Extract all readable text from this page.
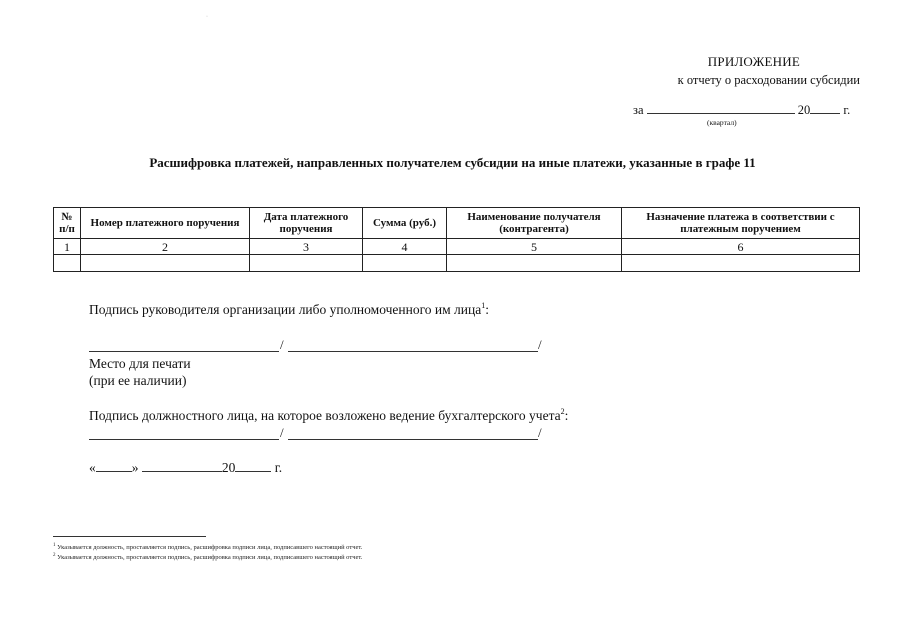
·
ПРИЛОЖЕНИЕ
к отчету о расходовании субсидии
за	20	г.
(квартал)
Расшифровка платежей, направленных получателем субсидии на иные платежи, указанные в графе 11
№ п/п	Номер платежного поручения	Дата платежного поручения	Сумма (руб.)	Наименование получателя (контрагента)	Назначение платежа в соответствии с платежным поручением
1	2	3	4	5	6

Подпись руководителя организации либо уполномоченного им лица$^1$:
/	/
Место для печати
(при ее наличии)
Подпись должностного лица, на которое возложено ведение бухгалтерского учета$^2$:
/	/
«	»	20	г.
$^1$ Указывается должность, проставляется подпись, расшифровка подписи лица, подписавшего настоящий отчет.
$^2$ Указывается должность, проставляется подпись, расшифровка подписи лица, подписавшего настоящий отчет.
